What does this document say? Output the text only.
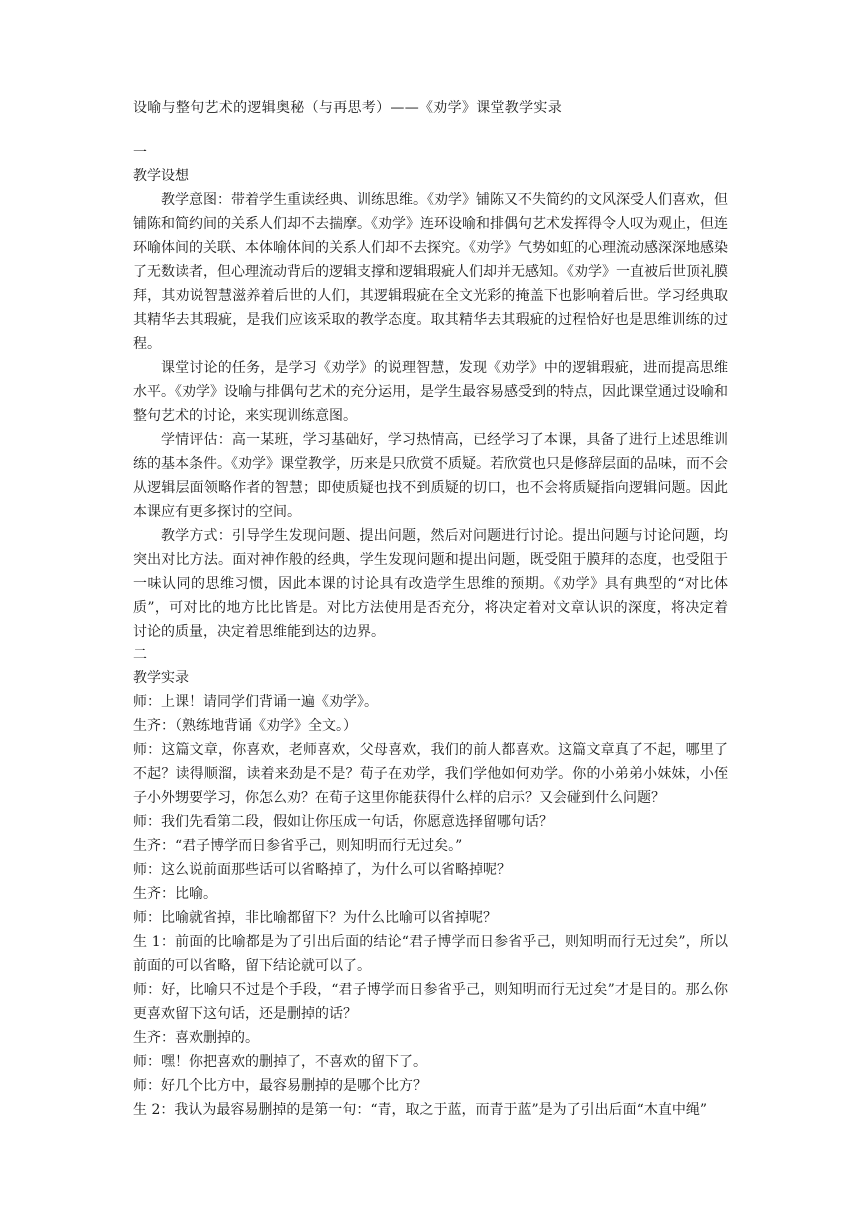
设喻与整句艺术的逻辑奥秘（与再思考）——《劝学》课堂教学实录

一

教学设想

教学意图：带着学生重读经典、训练思维。《劝学》铺陈又不失简约的文风深受人们喜欢，但铺陈和简约间的关系人们却不去揣摩。《劝学》连环设喻和排偶句艺术发挥得令人叹为观止，但连环喻体间的关联、本体喻体间的关系人们却不去探究。《劝学》气势如虹的心理流动感深深地感染了无数读者，但心理流动背后的逻辑支撑和逻辑瑕疵人们却并无感知。《劝学》一直被后世顶礼膜拜，其劝说智慧滋养着后世的人们，其逻辑瑕疵在全文光彩的掩盖下也影响着后世。学习经典取其精华去其瑕疵，是我们应该采取的教学态度。取其精华去其瑕疵的过程恰好也是思维训练的过程。

课堂讨论的任务，是学习《劝学》的说理智慧，发现《劝学》中的逻辑瑕疵，进而提高思维水平。《劝学》设喻与排偶句艺术的充分运用，是学生最容易感受到的特点，因此课堂通过设喻和整句艺术的讨论，来实现训练意图。

学情评估：高一某班，学习基础好，学习热情高，已经学习了本课，具备了进行上述思维训练的基本条件。《劝学》课堂教学，历来是只欣赏不质疑。若欣赏也只是修辞层面的品味，而不会从逻辑层面领略作者的智慧；即使质疑也找不到质疑的切口，也不会将质疑指向逻辑问题。因此本课应有更多探讨的空间。

教学方式：引导学生发现问题、提出问题，然后对问题进行讨论。提出问题与讨论问题，均突出对比方法。面对神作般的经典，学生发现问题和提出问题，既受阻于膜拜的态度，也受阻于一味认同的思维习惯，因此本课的讨论具有改造学生思维的预期。《劝学》具有典型的“对比体质”，可对比的地方比比皆是。对比方法使用是否充分，将决定着对文章认识的深度，将决定着讨论的质量，决定着思维能到达的边界。

二

教学实录

师：上课！请同学们背诵一遍《劝学》。

生齐：（熟练地背诵《劝学》全文。）

师：这篇文章，你喜欢，老师喜欢，父母喜欢，我们的前人都喜欢。这篇文章真了不起，哪里了不起？读得顺溜，读着来劲是不是？荀子在劝学，我们学他如何劝学。你的小弟弟小妹妹，小侄子小外甥要学习，你怎么劝？在荀子这里你能获得什么样的启示？又会碰到什么问题？

师：我们先看第二段，假如让你压成一句话，你愿意选择留哪句话？

生齐：“君子博学而日参省乎己，则知明而行无过矣。”

师：这么说前面那些话可以省略掉了，为什么可以省略掉呢？

生齐：比喻。

师：比喻就省掉，非比喻都留下？为什么比喻可以省掉呢？

生 1：前面的比喻都是为了引出后面的结论“君子博学而日参省乎己，则知明而行无过矣”，所以前面的可以省略，留下结论就可以了。

师：好，比喻只不过是个手段，“君子博学而日参省乎己，则知明而行无过矣”才是目的。那么你更喜欢留下这句话，还是删掉的话？

生齐：喜欢删掉的。

师：嘿！你把喜欢的删掉了，不喜欢的留下了。

师：好几个比方中，最容易删掉的是哪个比方？

生 2：我认为最容易删掉的是第一句：“青，取之于蓝，而青于蓝”是为了引出后面“木直中绳”
